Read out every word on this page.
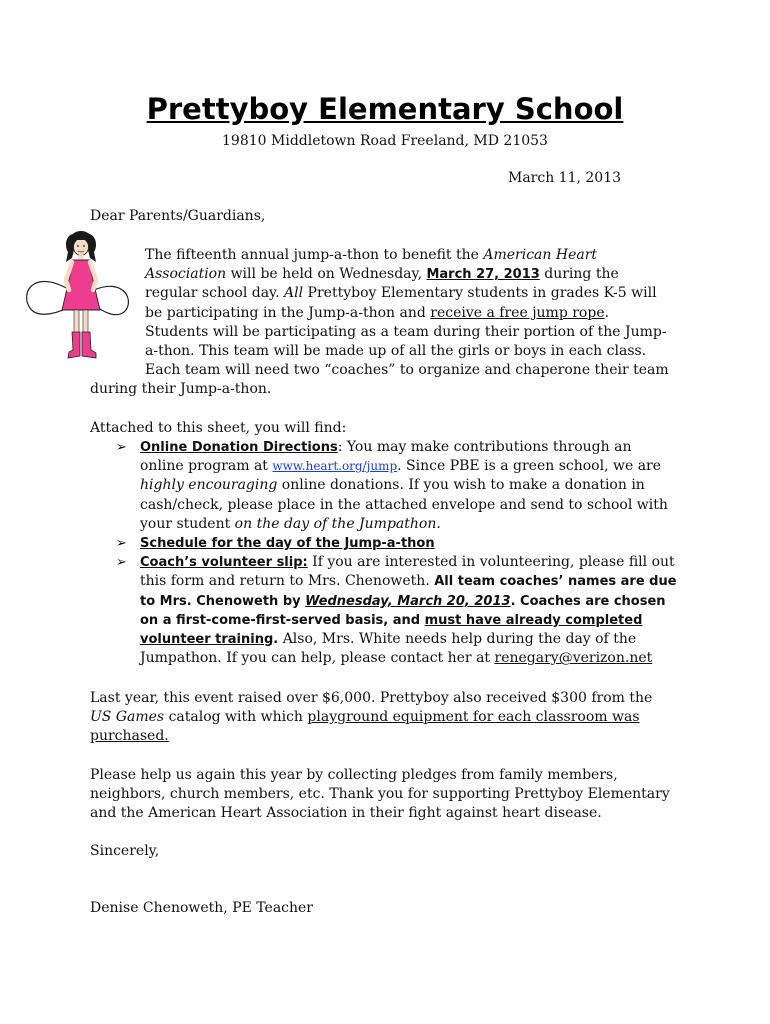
Prettyboy Elementary School
19810 Middletown Road Freeland, MD 21053
March 11, 2013
Dear Parents/Guardians,
The fifteenth annual jump-a-thon to benefit the American Heart
Association will be held on Wednesday, March 27, 2013 during the
regular school day. All Prettyboy Elementary students in grades K-5 will
be participating in the Jump-a-thon and receive a free jump rope.
Students will be participating as a team during their portion of the Jump-
a-thon. This team will be made up of all the girls or boys in each class.
Each team will need two “coaches” to organize and chaperone their team
during their Jump-a-thon.
Attached to this sheet, you will find:
➢ Online Donation Directions: You may make contributions through an
online program at www.heart.org/jump. Since PBE is a green school, we are
highly encouraging online donations. If you wish to make a donation in
cash/check, please place in the attached envelope and send to school with
your student on the day of the Jumpathon.
➢ Schedule for the day of the Jump-a-thon
➢ Coach’s volunteer slip: If you are interested in volunteering, please fill out
this form and return to Mrs. Chenoweth. All team coaches’ names are due
to Mrs. Chenoweth by Wednesday, March 20, 2013. Coaches are chosen
on a first-come-first-served basis, and must have already completed
volunteer training. Also, Mrs. White needs help during the day of the
Jumpathon. If you can help, please contact her at renegary@verizon.net
Last year, this event raised over $6,000. Prettyboy also received $300 from the
US Games catalog with which playground equipment for each classroom was
purchased.
Please help us again this year by collecting pledges from family members,
neighbors, church members, etc. Thank you for supporting Prettyboy Elementary
and the American Heart Association in their fight against heart disease.
Sincerely,
Denise Chenoweth, PE Teacher
